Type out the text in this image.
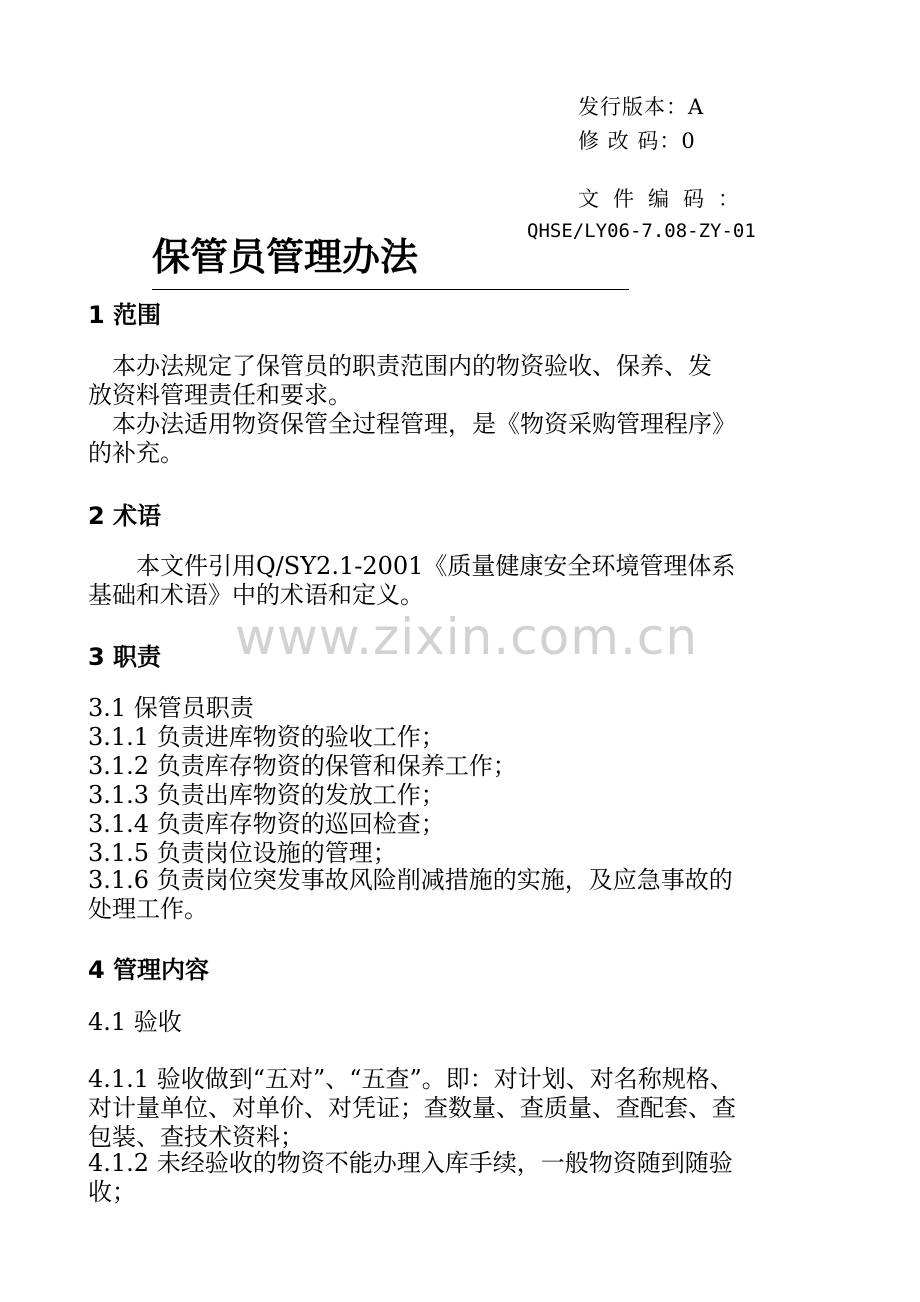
发行版本：A
修 改 码：0
文件编码：
QHSE/LY06-7.08-ZY-01
保管员管理办法
www.zixin.com.cn
1 范围
　本办法规定了保管员的职责范围内的物资验收、保养、发
放资料管理责任和要求。
　本办法适用物资保管全过程管理，是《物资采购管理程序》
的补充。
2 术语
　　本文件引用Q/SY2.1-2001《质量健康安全环境管理体系
基础和术语》中的术语和定义。
3 职责
3.1 保管员职责
3.1.1 负责进库物资的验收工作；
3.1.2 负责库存物资的保管和保养工作；
3.1.3 负责出库物资的发放工作；
3.1.4 负责库存物资的巡回检查；
3.1.5 负责岗位设施的管理；
3.1.6 负责岗位突发事故风险削减措施的实施，及应急事故的
处理工作。
4 管理内容
4.1 验收
4.1.1 验收做到“五对”、“五查”。即：对计划、对名称规格、
对计量单位、对单价、对凭证；查数量、查质量、查配套、查
包装、查技术资料；
4.1.2 未经验收的物资不能办理入库手续，一般物资随到随验
收；
